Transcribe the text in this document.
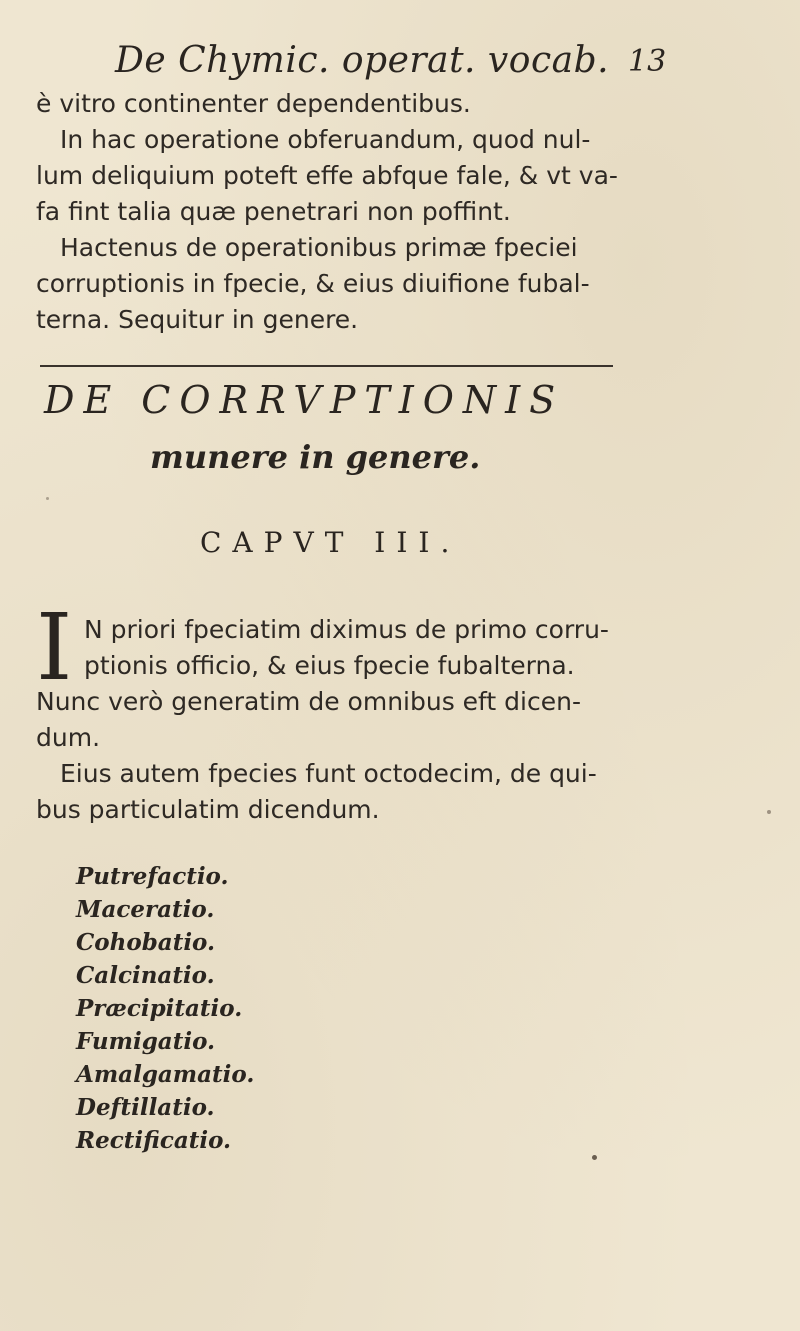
De Chymic. operat. vocab. 13
è vitro continenter dependentibus.
In hac operatione obferuandum, quod nul-
lum deliquium poteft effe abfque fale, & vt va-
fa fint talia quæ penetrari non poffint.
Hactenus de operationibus primæ fpeciei
corruptionis in fpecie, & eius diuifione fubal-
terna. Sequitur in genere.
DE CORRVPTIONIS
munere in genere.
CAPVT III.
I N priori fpeciatim diximus de primo corru-
ptionis officio, & eius fpecie fubalterna.
Nunc verò generatim de omnibus eft dicen-
dum.
Eius autem fpecies funt octodecim, de qui-
bus particulatim dicendum.
Putrefactio.
Maceratio.
Cohobatio.
Calcinatio.
Præcipitatio.
Fumigatio.
Amalgamatio.
Deftillatio.
Rectificatio.
